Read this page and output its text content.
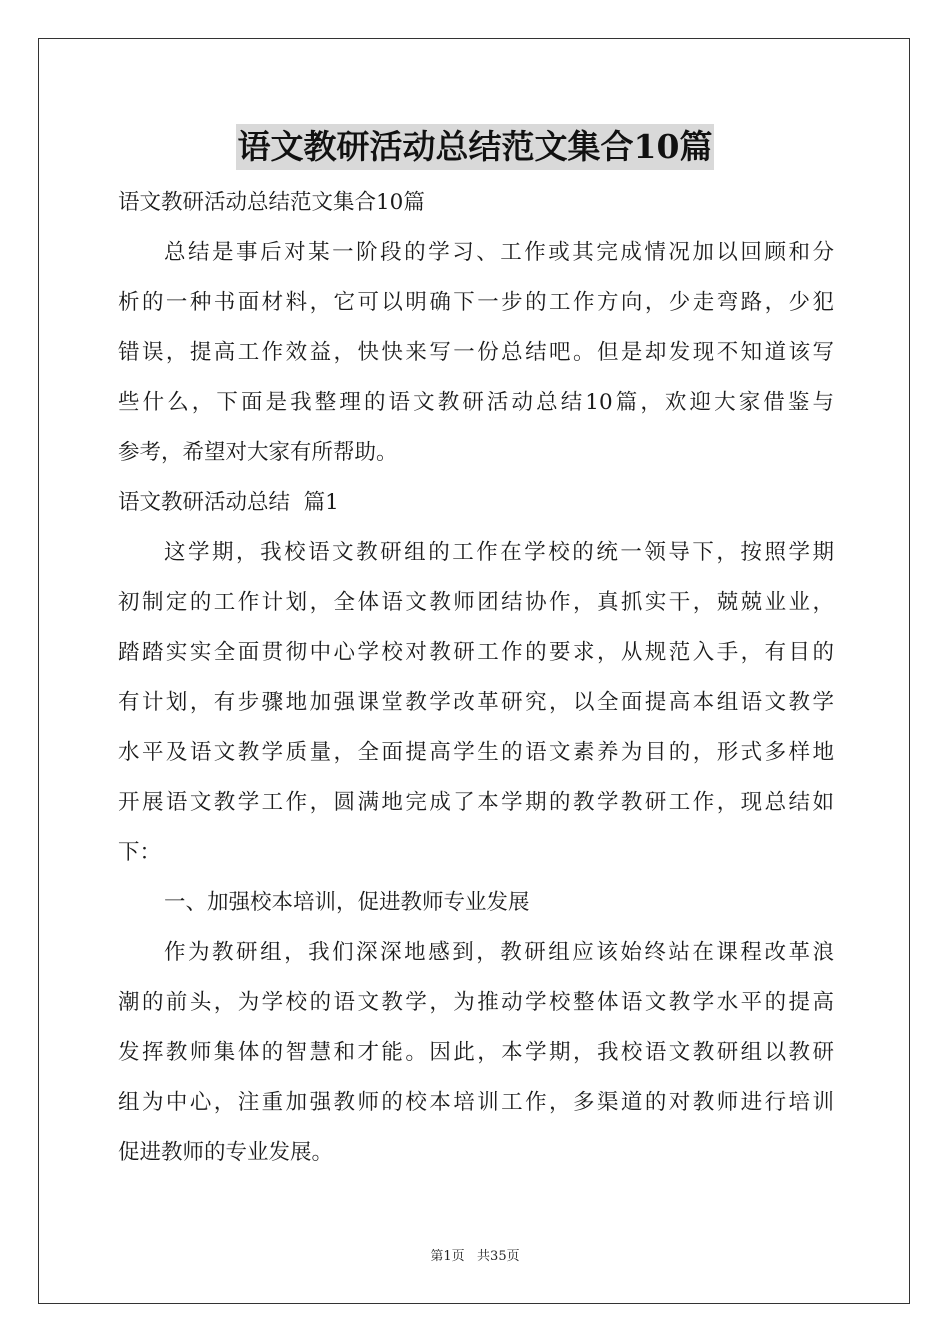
语文教研活动总结范文集合10篇
语文教研活动总结范文集合10篇
总结是事后对某一阶段的学习、工作或其完成情况加以回顾和分
析的一种书面材料，它可以明确下一步的工作方向，少走弯路，少犯
错误，提高工作效益，快快来写一份总结吧。但是却发现不知道该写
些什么，下面是我整理的语文教研活动总结10篇，欢迎大家借鉴与
参考，希望对大家有所帮助。
语文教研活动总结  篇1
这学期，我校语文教研组的工作在学校的统一领导下，按照学期
初制定的工作计划，全体语文教师团结协作，真抓实干，兢兢业业，
踏踏实实全面贯彻中心学校对教研工作的要求，从规范入手，有目的
有计划，有步骤地加强课堂教学改革研究，以全面提高本组语文教学
水平及语文教学质量，全面提高学生的语文素养为目的，形式多样地
开展语文教学工作，圆满地完成了本学期的教学教研工作，现总结如
下：
一、加强校本培训，促进教师专业发展
作为教研组，我们深深地感到，教研组应该始终站在课程改革浪
潮的前头，为学校的语文教学，为推动学校整体语文教学水平的提高
发挥教师集体的智慧和才能。因此，本学期，我校语文教研组以教研
组为中心，注重加强教师的校本培训工作，多渠道的对教师进行培训
促进教师的专业发展。
第1页   共35页
